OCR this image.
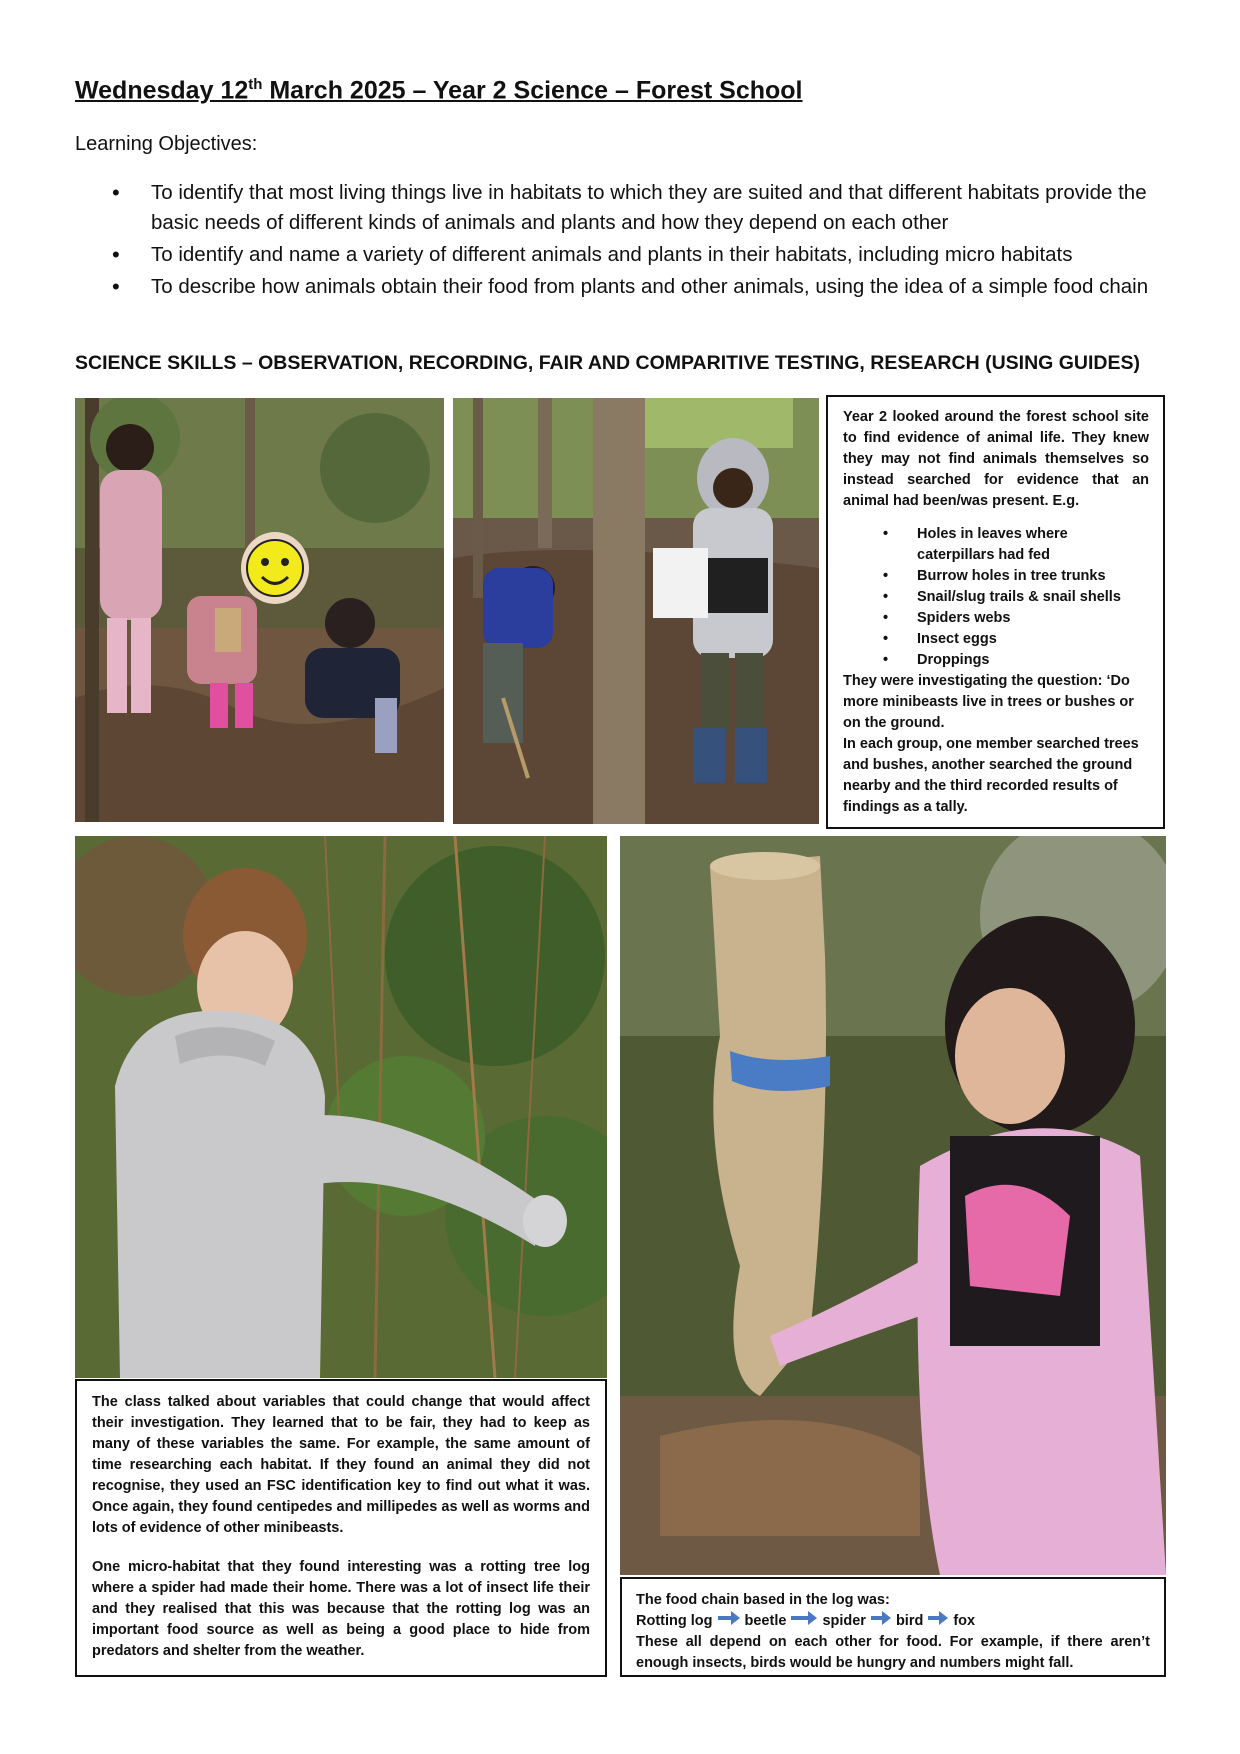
Wednesday 12th March 2025 – Year 2 Science – Forest School
Learning Objectives:
• To identify that most living things live in habitats to which they are suited and that different habitats provide the basic needs of different kinds of animals and plants and how they depend on each other
• To identify and name a variety of different animals and plants in their habitats, including micro habitats
• To describe how animals obtain their food from plants and other animals, using the idea of a simple food chain
SCIENCE SKILLS – OBSERVATION, RECORDING, FAIR AND COMPARITIVE TESTING, RESEARCH (USING GUIDES)

Year 2 looked around the forest school site to find evidence of animal life. They knew they may not find animals themselves so instead searched for evidence that an animal had been/was present. E.g.

• Holes in leaves where caterpillars had fed
• Burrow holes in tree trunks
• Snail/slug trails & snail shells
• Spiders webs
• Insect eggs
• Droppings

They were investigating the question: ‘Do more minibeasts live in trees or bushes or on the ground.

In each group, one member searched trees and bushes, another searched the ground nearby and the third recorded results of findings as a tally.

The class talked about variables that could change that would affect their investigation. They learned that to be fair, they had to keep as many of these variables the same. For example, the same amount of time researching each habitat. If they found an animal they did not recognise, they used an FSC identification key to find out what it was. Once again, they found centipedes and millipedes as well as worms and lots of evidence of other minibeasts.

One micro-habitat that they found interesting was a rotting tree log where a spider had made their home. There was a lot of insect life their and they realised that this was because that the rotting log was an important food source as well as being a good place to hide from predators and shelter from the weather.

The food chain based in the log was:

Rotting log beetle spider bird fox

These all depend on each other for food. For example, if there aren’t enough insects, birds would be hungry and numbers might fall.
